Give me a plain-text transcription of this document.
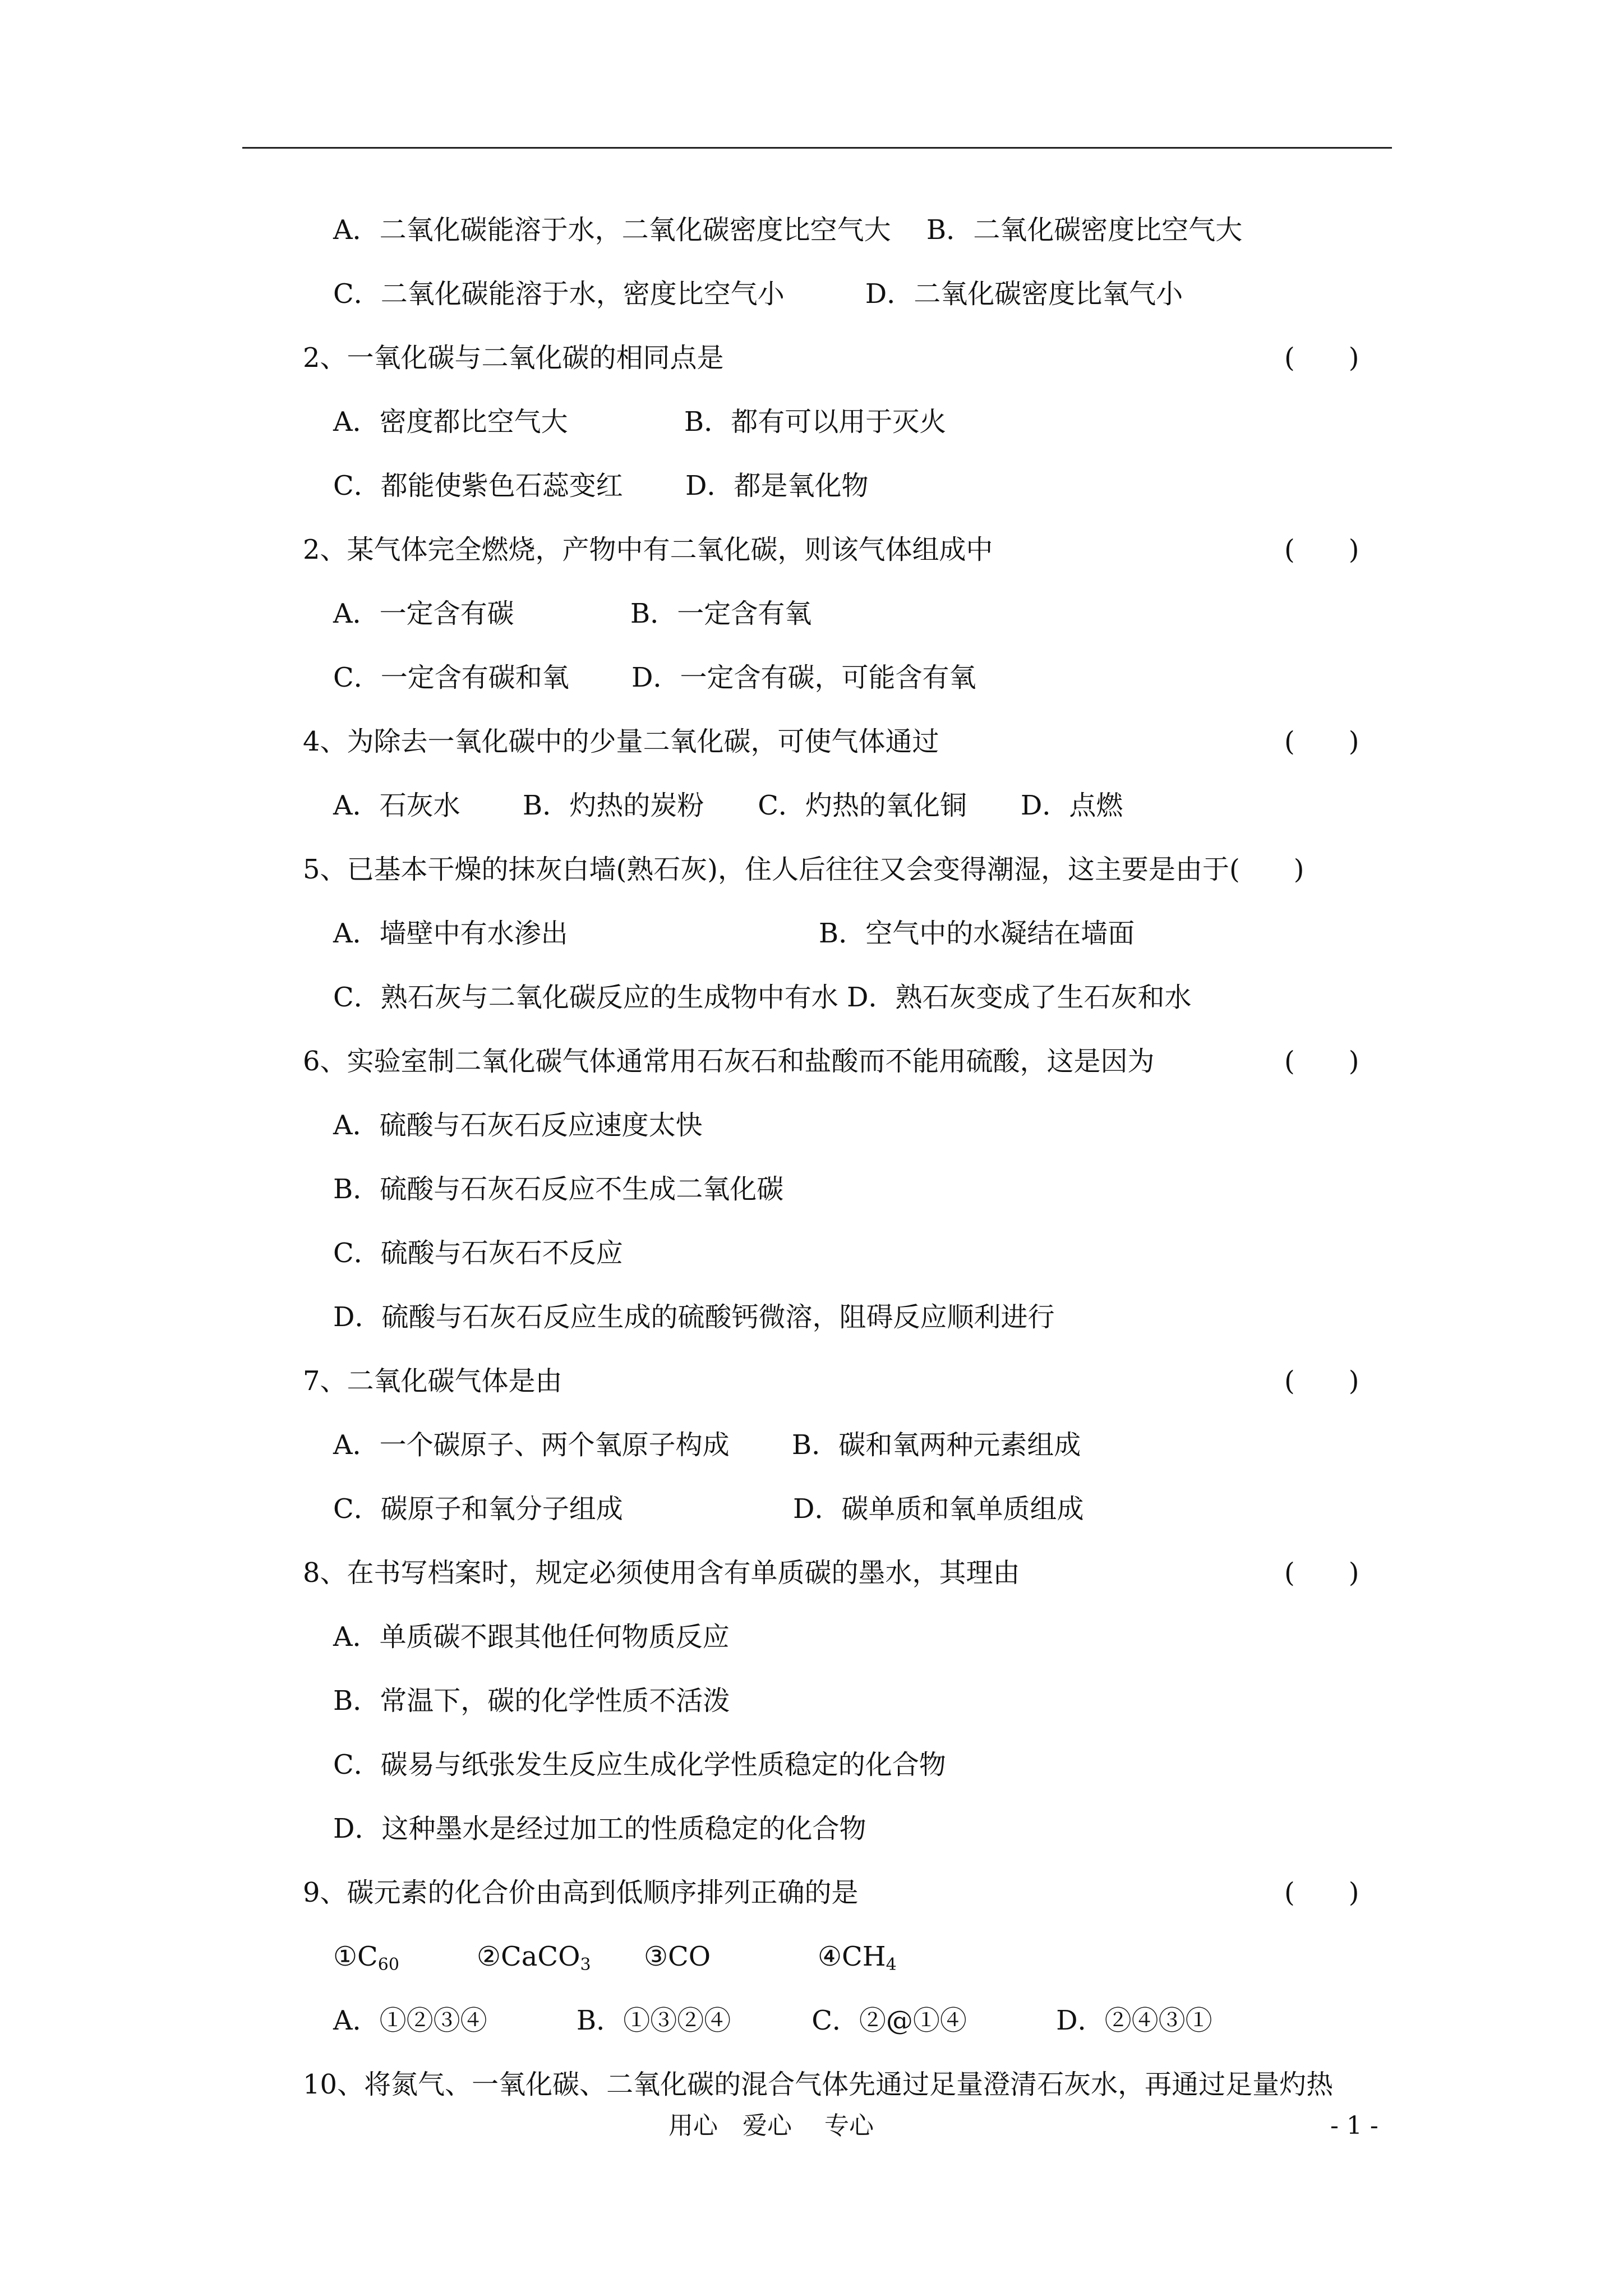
A．二氧化碳能溶于水，二氧化碳密度比空气大　 B．二氧化碳密度比空气大
C．二氧化碳能溶于水，密度比空气小　　　D．二氧化碳密度比氧气小
2、一氧化碳与二氧化碳的相同点是	(　　)
A．密度都比空气大　　　　 B．都有可以用于灭火
C．都能使紫色石蕊变红　　 D．都是氧化物
2、某气体完全燃烧，产物中有二氧化碳，则该气体组成中	(　　)
A．一定含有碳　　　　 B．一定含有氧
C．一定含有碳和氧　　 D．一定含有碳，可能含有氧
4、为除去一氧化碳中的少量二氧化碳，可使气体通过	(　　)
A．石灰水　　 B．灼热的炭粉　　C．灼热的氧化铜　　D．点燃
5、已基本干燥的抹灰白墙(熟石灰)，住人后往往又会变得潮湿，这主要是由于(　　)
A．墙壁中有水渗出　　　　　　　　　 B．空气中的水凝结在墙面
C．熟石灰与二氧化碳反应的生成物中有水 D．熟石灰变成了生石灰和水
6、实验室制二氧化碳气体通常用石灰石和盐酸而不能用硫酸，这是因为	(　　)
A．硫酸与石灰石反应速度太快
B．硫酸与石灰石反应不生成二氧化碳
C．硫酸与石灰石不反应
D．硫酸与石灰石反应生成的硫酸钙微溶，阻碍反应顺利进行
7、二氧化碳气体是由	(　　)
A．一个碳原子、两个氧原子构成　　 B．碳和氧两种元素组成
C．碳原子和氧分子组成　　　　　　 D．碳单质和氧单质组成
8、在书写档案时，规定必须使用含有单质碳的墨水，其理由	(　　)
A．单质碳不跟其他任何物质反应
B．常温下，碳的化学性质不活泼
C．碳易与纸张发生反应生成化学性质稳定的化合物
D．这种墨水是经过加工的性质稳定的化合物
9、碳元素的化合价由高到低顺序排列正确的是	(　　)
$①C_{60}$	②CaCO$_3$ ③CO	$④CH_4$
A．①②③④　　　 B．①③②④　　　C．②@①④　　　 D．②④③①
10、将氮气、一氧化碳、二氧化碳的混合气体先通过足量澄清石灰水，再通过足量灼热
用心　爱心　 专心	- 1 -
